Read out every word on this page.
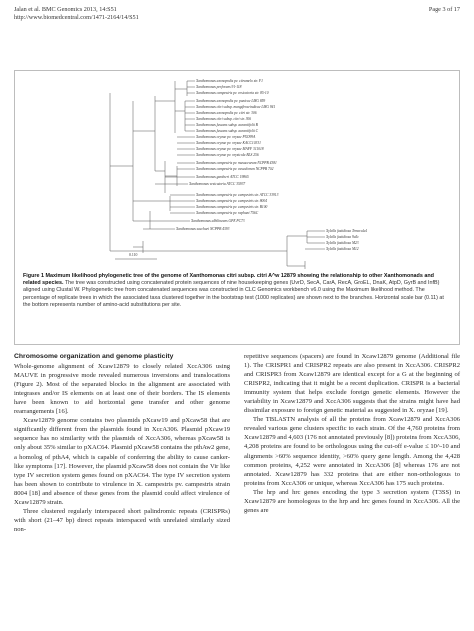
Jalan et al. BMC Genomics 2013, 14:S51
http://www.biomedcentral.com/1471-2164/14/S51
Page 3 of 17
Xanthomonas axonopodis pv. citrumelo str. F1
Xanthomonas perforans 91-118
Xanthomonas campestris pv. vesicatoria str. 85-10
Xanthomonas axonopodis pv. punicae LMG 859
Xanthomonas citri subsp. mangiferaeindicae LMG 941
Xanthomonas axonopodis pv. citri str. 306
Xanthomonas citri subsp. citri str. 306
Xanthomonas fuscans subsp. aurantifolii B
Xanthomonas fuscans subsp. aurantifolii C
Xanthomonas oryzae pv. oryzae PXO99A
Xanthomonas oryzae pv. oryzae KACC10331
Xanthomonas oryzae pv. oryzae MAFF 311018
Xanthomonas oryzae pv. oryzicola BLS 256
Xanthomonas campestris pv. musacearum NCPPB 4381
Xanthomonas campestris pv. vasculorum NCPPB 702
Xanthomonas gardneri ATCC 19865
Xanthomonas vesicatoria ATCC 35937
Xanthomonas campestris pv. campestris str. ATCC 33913
Xanthomonas campestris pv. campestris str. 8004
Xanthomonas campestris pv. campestris str. B100
Xanthomonas campestris pv. raphani 756C
Xanthomonas albilineans GPE PC73
Xanthomonas sacchari NCPPB 4393	Xylella fastidiosa Temecula1
Xylella fastidiosa 9a5c
Xylella fastidiosa M23
Xylella fastidiosa M12
0.110
Figure 1 Maximum likelihood phylogenetic tree of the genome of Xanthomonas citri subsp. citri A^w 12879 showing the relationship to other Xanthomonads and related species. The tree was constructed using concatenated protein sequences of nine housekeeping genes (UvrD, SecA, CarA, RecA, GroEL, DnaK, AtpD, GyrB and InfB) aligned using Clustal W. Phylogenetic tree from concatenated sequences was constructed in CLC Genomics workbench v6.0 using the Maximum likelihood method. The percentage of replicate trees in which the associated taxa clustered together in the bootstrap test (1000 replicates) are shown next to the branches. Horizontal scale bar (0.11) at the bottom represents number of amino-acid substitutions per site.
Chromosome organization and genome plasticity

Whole-genome alignment of Xcaw12879 to closely related XccA306 using MAUVE in progressive mode revealed numerous inversions and translocations (Figure 2). Most of the separated blocks in the alignment are associated with integrases and/or IS elements on at least one of their borders. The IS elements have been known to aid horizontal gene transfer and other genome rearrangements [16].

Xcaw12879 genome contains two plasmids pXcaw19 and pXcaw58 that are significantly different from the plasmids found in XccA306. Plasmid pXcaw19 sequence has no similarity with the plasmids of XccA306, whereas pXcaw58 is only about 35% similar to pXAC64. Plasmid pXcaw58 contains the pthAw2 gene, a homolog of pthA4, which is capable of conferring the ability to cause canker-like symptoms [17]. However, the plasmid pXcaw58 does not contain the Vir like type IV secretion system genes found on pXAC64. The type IV secretion system has been shown to contribute to virulence in X. campestris pv. campestris strain 8004 [18] and absence of these genes from the plasmid could affect virulence of Xcaw12879 strain.

Three clustered regularly interspaced short palindromic repeats (CRISPRs) with short (21–47 bp) direct repeats interspaced with unrelated similarly sized non-

repetitive sequences (spacers) are found in Xcaw12879 genome (Additional file 1). The CRISPR1 and CRISPR2 repeats are also present in XccA306. CRISPR2 and CRISPR3 from Xcaw12879 are identical except for a G at the beginning of CRISPR2, indicating that it might be a recent duplication. CRISPR is a bacterial immunity system that helps exclude foreign genetic elements. However the variability in Xcaw12879 and XccA306 suggests that the strains might have had dissimilar exposure to foreign genetic material as suggested in X. oryzae [19].

The TBLASTN analysis of all the proteins from Xcaw12879 and XccA306 revealed various gene clusters specific to each strain. Of the 4,760 proteins from Xcaw12879 and 4,603 (176 not annotated previously [8]) proteins from XccA306, 4,208 proteins are found to be orthologous using the cut-off e-value ≤ 10^-10 and alignments >60% sequence identity, >60% query gene length. Among the 4,428 common proteins, 4,252 were annotated in XccA306 [8] whereas 176 are not annotated. Xcaw12879 has 332 proteins that are either non-orthologous to proteins from XccA306 or unique, whereas XccA306 has 175 such proteins.

The hrp and hrc genes encoding the type 3 secretion system (T3SS) in Xcaw12879 are homologous to the hrp and hrc genes found in XccA306. All the genes are
